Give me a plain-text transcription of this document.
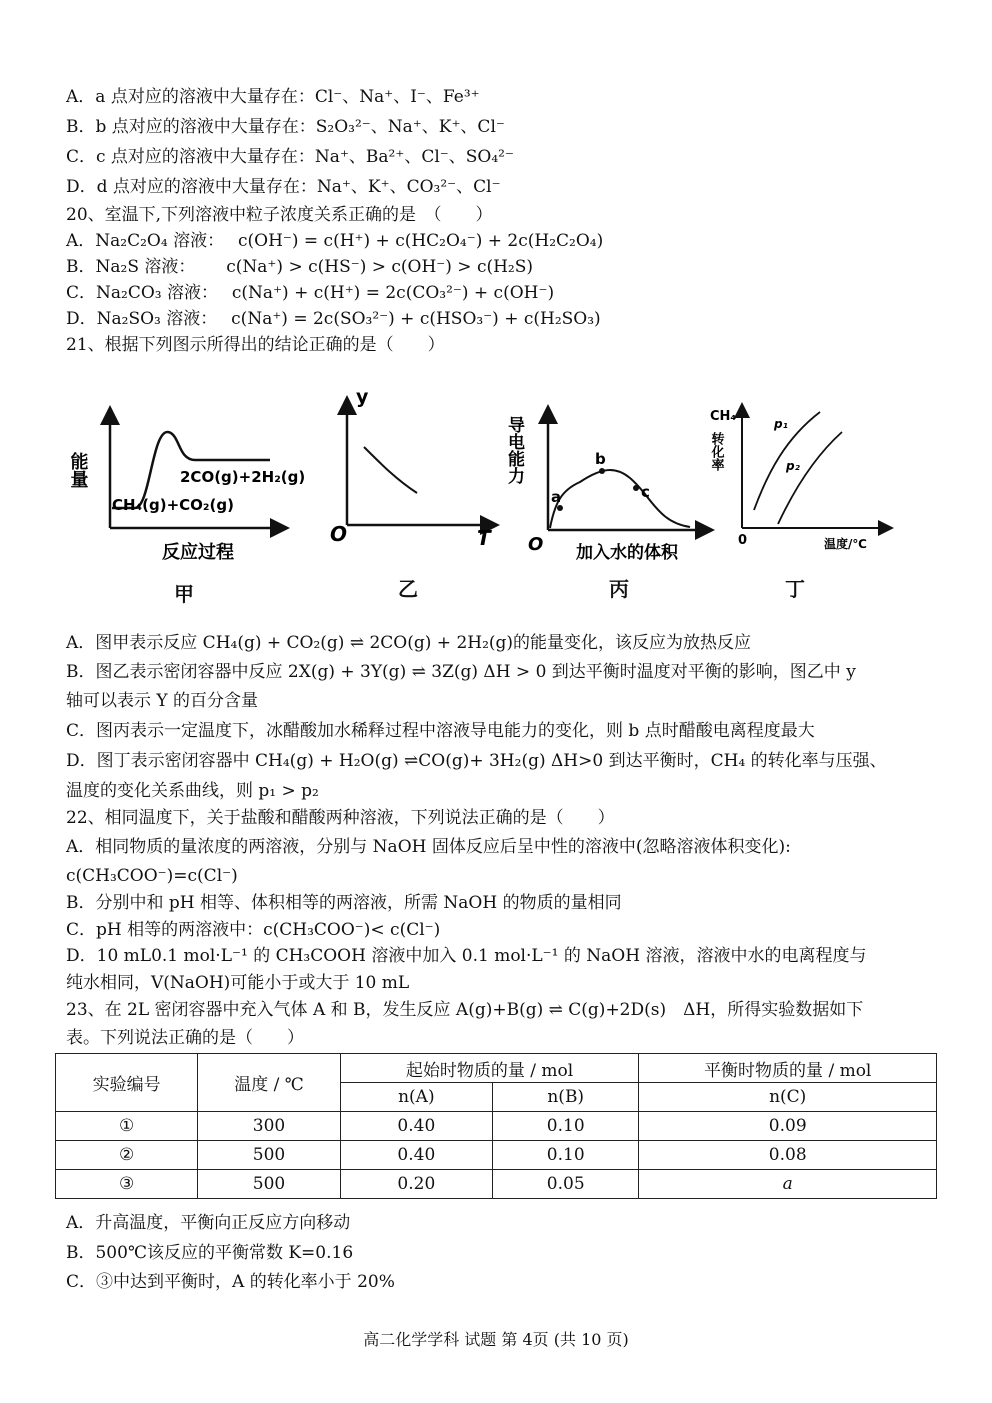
A．a 点对应的溶液中大量存在：Cl⁻、Na⁺、I⁻、Fe³⁺
B．b 点对应的溶液中大量存在：S₂O₃²⁻、Na⁺、K⁺、Cl⁻
C．c 点对应的溶液中大量存在：Na⁺、Ba²⁺、Cl⁻、SO₄²⁻
D．d 点对应的溶液中大量存在：Na⁺、K⁺、CO₃²⁻、Cl⁻
20、室温下,下列溶液中粒子浓度关系正确的是　（　　）
A．Na₂C₂O₄ 溶液：　 c(OH⁻) = c(H⁺) + c(HC₂O₄⁻) + 2c(H₂C₂O₄)
B．Na₂S 溶液：　　 c(Na⁺) > c(HS⁻) > c(OH⁻) > c(H₂S)
C．Na₂CO₃ 溶液：　 c(Na⁺) + c(H⁺) = 2c(CO₃²⁻) + c(OH⁻)
D．Na₂SO₃ 溶液：　 c(Na⁺) = 2c(SO₃²⁻) + c(HSO₃⁻) + c(H₂SO₃)
21、根据下列图示所得出的结论正确的是（　　）
能量	2CO(g)+2H₂(g)
CH₄(g)+CO₂(g)
反应过程
甲
y
O	T
乙
a
b
c
导电能力
O 加入水的体积
丙
CH₄
转化率
p₁
p₂
0	温度/℃
丁
A．图甲表示反应 CH₄(g) + CO₂(g) ⇌ 2CO(g) + 2H₂(g)的能量变化，该反应为放热反应
B．图乙表示密闭容器中反应 2X(g) + 3Y(g) ⇌ 3Z(g) ΔH > 0 到达平衡时温度对平衡的影响，图乙中 y
轴可以表示 Y 的百分含量
C．图丙表示一定温度下，冰醋酸加水稀释过程中溶液导电能力的变化，则 b 点时醋酸电离程度最大
D．图丁表示密闭容器中 CH₄(g) + H₂O(g) ⇌CO(g)+ 3H₂(g) ΔH>0 到达平衡时，CH₄ 的转化率与压强、
温度的变化关系曲线，则 p₁ > p₂
22、相同温度下，关于盐酸和醋酸两种溶液，下列说法正确的是（　　）
A．相同物质的量浓度的两溶液，分别与 NaOH 固体反应后呈中性的溶液中(忽略溶液体积变化):
c(CH₃COO⁻)=c(Cl⁻)
B．分别中和 pH 相等、体积相等的两溶液，所需 NaOH 的物质的量相同
C．pH 相等的两溶液中：c(CH₃COO⁻)< c(Cl⁻)
D．10 mL0.1 mol·L⁻¹ 的 CH₃COOH 溶液中加入 0.1 mol·L⁻¹ 的 NaOH 溶液，溶液中水的电离程度与
纯水相同，V(NaOH)可能小于或大于 10 mL
23、在 2L 密闭容器中充入气体 A 和 B，发生反应 A(g)+B(g) ⇌ C(g)+2D(s)　ΔH，所得实验数据如下
表。下列说法正确的是（　　）
实验编号	温度 / ℃	起始时物质的量 / mol		平衡时物质的量 / mol
		n(A)	n(B)	n(C)
①	300	0.40	0.10	0.09
②	500	0.40	0.10	0.08
③	500	0.20	0.05	a
A．升高温度，平衡向正反应方向移动
B．500℃该反应的平衡常数 K=0.16
C．③中达到平衡时，A 的转化率小于 20%
高二化学学科 试题 第 4页 (共 10 页)
